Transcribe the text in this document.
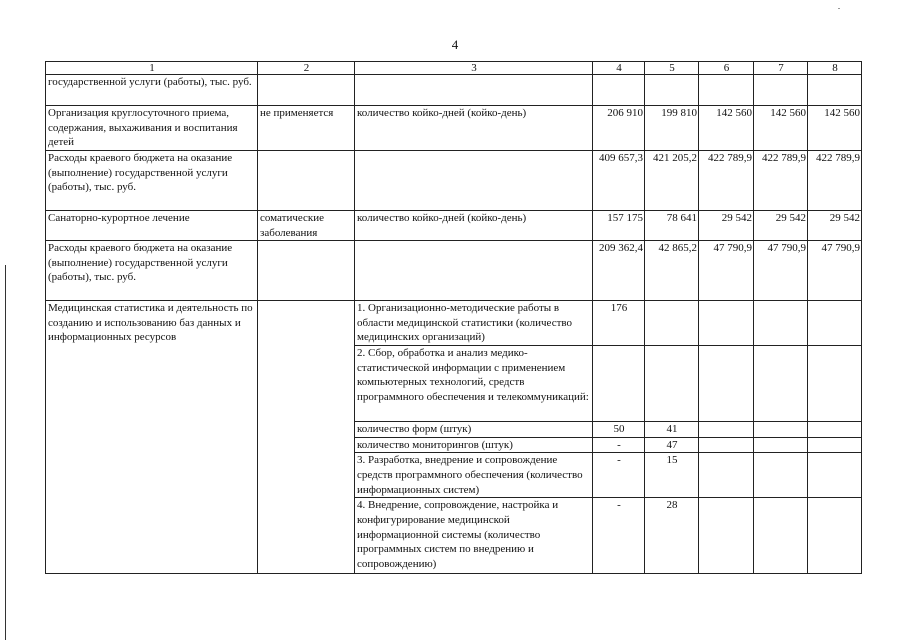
4
1	2	3	4	5	6	7	8
государственной услуги (работы), тыс. руб.							
Организация круглосуточного приема, содержания, выхаживания и воспитания детей	не применяется	количество койко-дней (койко-день)	206 910	199 810	142 560	142 560	142 560
Расходы краевого бюджета на оказание (выполнение) государственной услуги (работы), тыс. руб.			409 657,3	421 205,2	422 789,9	422 789,9	422 789,9
Санаторно-курортное лечение	соматические заболевания	количество койко-дней (койко-день)	157 175	78 641	29 542	29 542	29 542
Расходы краевого бюджета на оказание (выполнение) государственной услуги (работы), тыс. руб.			209 362,4	42 865,2	47 790,9	47 790,9	47 790,9
Медицинская статистика и деятельность по созданию и использованию баз данных и информационных ресурсов		1. Организационно-методические работы в области медицинской статистики (количество медицинских организаций)	176				
		2. Сбор, обработка и анализ медико-статистической информации с применением компьютерных технологий, средств программного обеспечения и телекоммуникаций:					
		количество форм (штук)	50	41			
		количество мониторингов (штук)	-	47			
		3. Разработка, внедрение и сопровождение средств программного обеспечения (количество информационных систем)	-	15			
		4. Внедрение, сопровождение, настройка и конфигурирование медицинской информационной системы (количество программных систем по внедрению и сопровождению)	-	28			
